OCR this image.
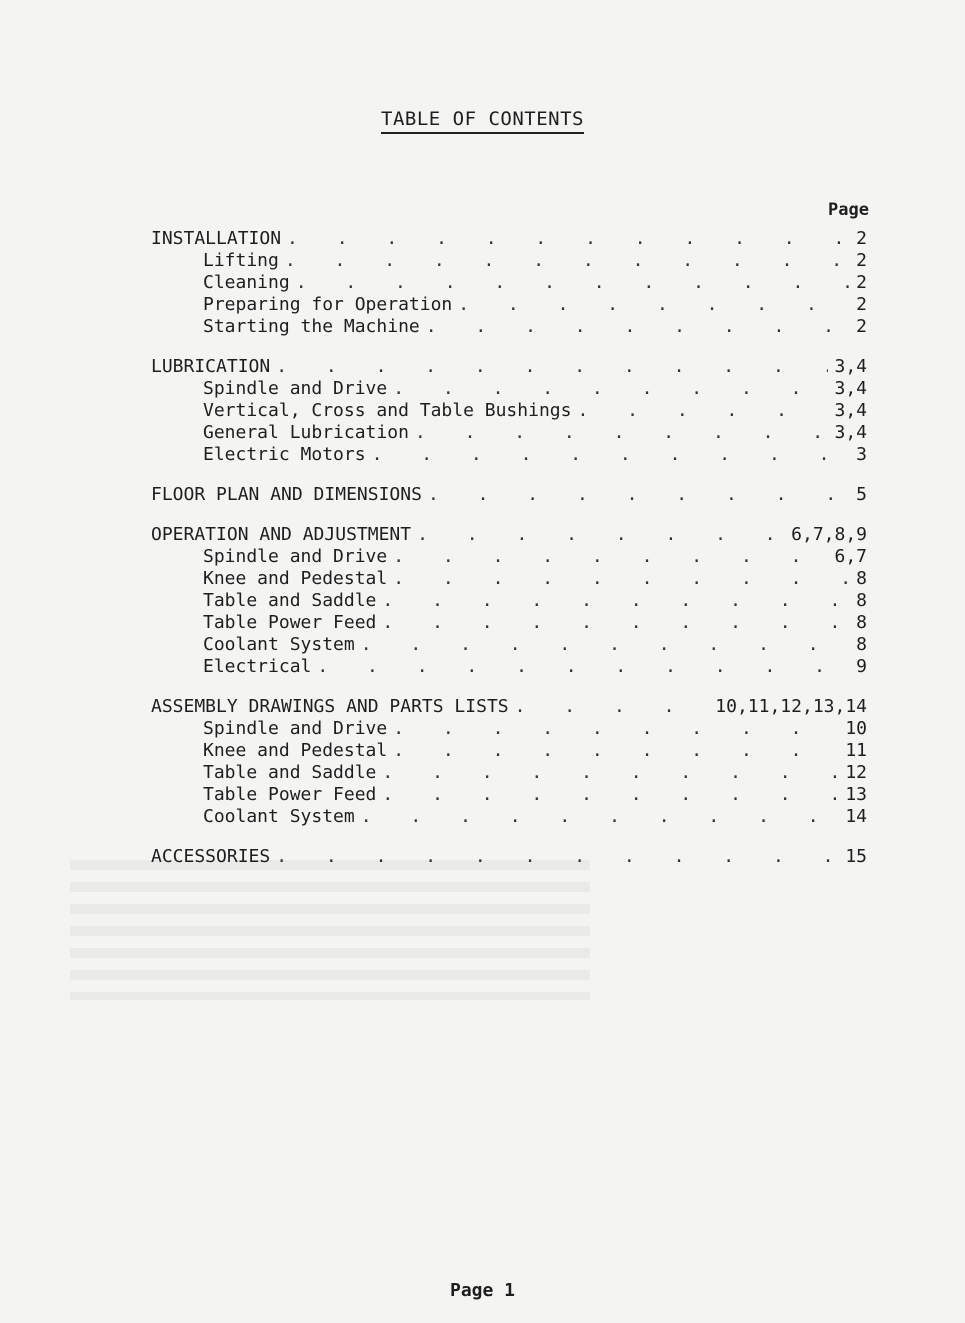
TABLE OF CONTENTS
Page
INSTALLATION . . .	2
Lifting . . .	2
Cleaning . . .	2
Preparing for Operation . . .	2
Starting the Machine . . .	2
LUBRICATION . . .	3,4
Spindle and Drive . . .	3,4
Vertical, Cross and Table Bushings . . .	3,4
General Lubrication . . .	3,4
Electric Motors . . .	3
FLOOR PLAN AND DIMENSIONS . . .	5
OPERATION AND ADJUSTMENT . . .	6,7,8,9
Spindle and Drive . . .	6,7
Knee and Pedestal . . .	8
Table and Saddle . . .	8
Table Power Feed . . .	8
Coolant System . . .	8
Electrical . . .	9
ASSEMBLY DRAWINGS AND PARTS LISTS . . .	10,11,12,13,14
Spindle and Drive . . .	10
Knee and Pedestal . . .	11
Table and Saddle . . .	12
Table Power Feed . . .	13
Coolant System . . .	14
ACCESSORIES . . .	15
Page 1
